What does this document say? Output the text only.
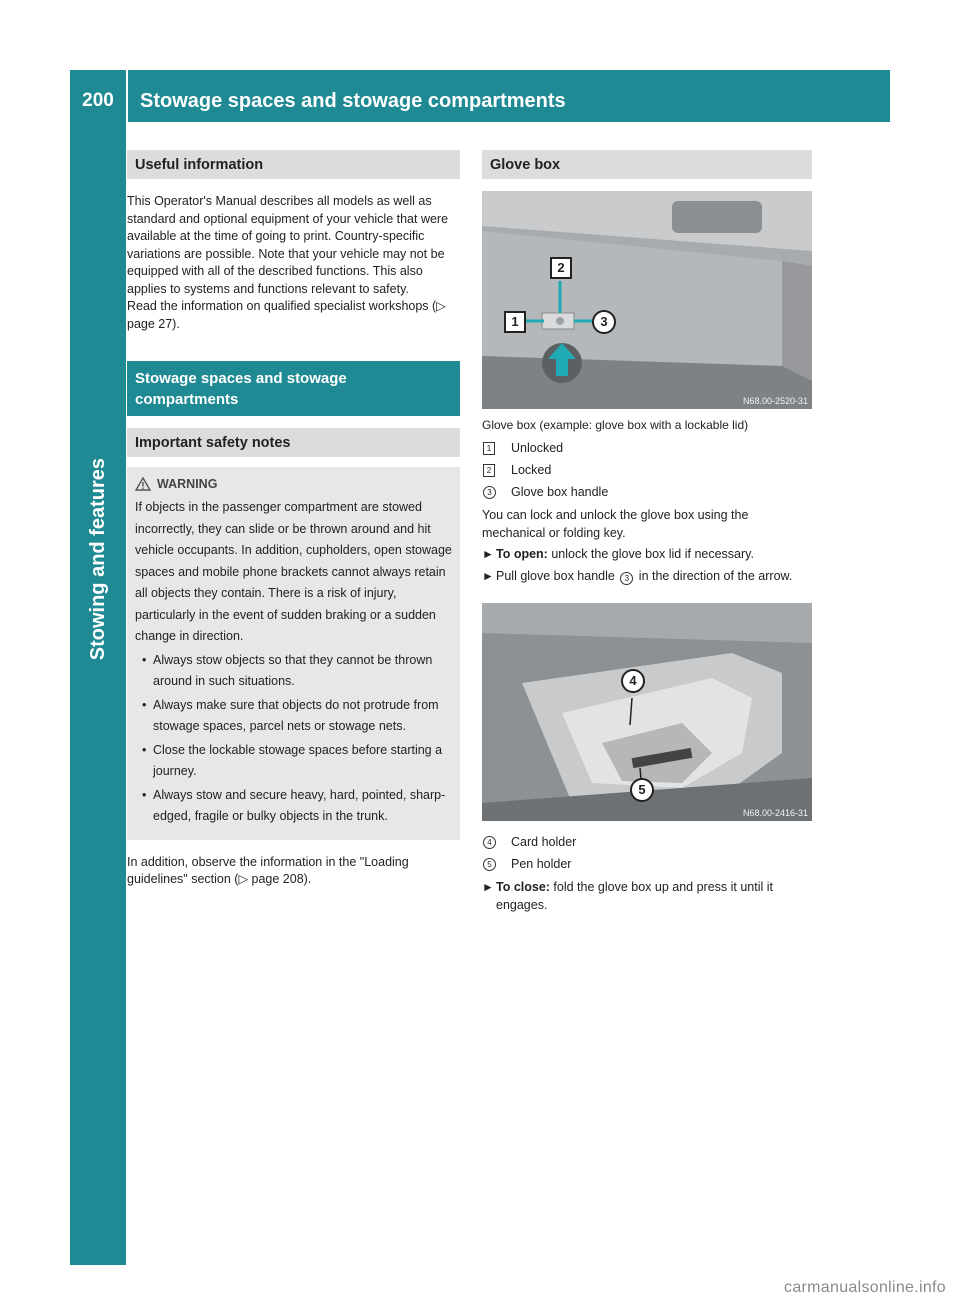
200	Stowage spaces and stowage compartments
Stowing and features
Useful information

This Operator's Manual describes all models as well as standard and optional equipment of your vehicle that were available at the time of going to print. Country-specific variations are possible. Note that your vehicle may not be equipped with all of the described functions. This also applies to systems and functions relevant to safety.

Read the information on qualified specialist workshops (▷ page 27).

Stowage spaces and stowage compartments
Important safety notes
WARNING

If objects in the passenger compartment are stowed incorrectly, they can slide or be thrown around and hit vehicle occupants. In addition, cupholders, open stowage spaces and mobile phone brackets cannot always retain all objects they contain. There is a risk of injury, particularly in the event of sudden braking or a sudden change in direction.

• Always stow objects so that they cannot be thrown around in such situations.
• Always make sure that objects do not protrude from stowage spaces, parcel nets or stowage nets.
• Close the lockable stowage spaces before starting a journey.
• Always stow and secure heavy, hard, pointed, sharp-edged, fragile or bulky objects in the trunk.

In addition, observe the information in the "Loading guidelines" section (▷ page 208).

Glove box
1
2
3
N68.00-2520-31

Glove box (example: glove box with a lockable lid)

1	Unlocked
2	Locked
3	Glove box handle

You can lock and unlock the glove box using the mechanical or folding key.

► To open: unlock the glove box lid if necessary.
► Pull glove box handle 3 in the direction of the arrow.
4
5
N68.00-2416-31
4	Card holder
5	Pen holder
► To close: fold the glove box up and press it until it engages.
carmanualsonline.info
